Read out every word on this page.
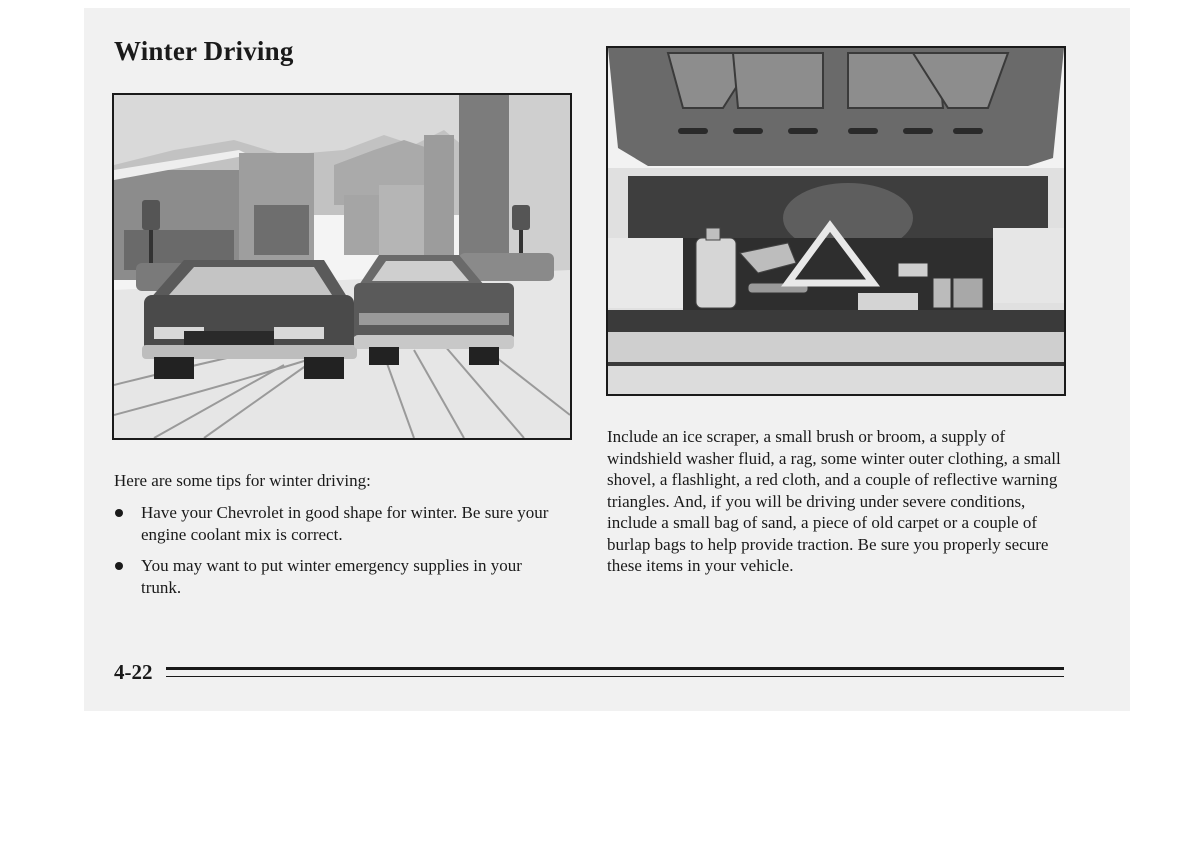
Winter Driving
Here are some tips for winter driving:
Have your Chevrolet in good shape for winter. Be sure your engine coolant mix is correct.
You may want to put winter emergency supplies in your trunk.
Include an ice scraper, a small brush or broom, a supply of windshield washer fluid, a rag, some winter outer clothing, a small shovel, a flashlight, a red cloth, and a couple of reflective warning triangles. And, if you will be driving under severe conditions, include a small bag of sand, a piece of old carpet or a couple of burlap bags to help provide traction. Be sure you properly secure these items in your vehicle.
4-22
